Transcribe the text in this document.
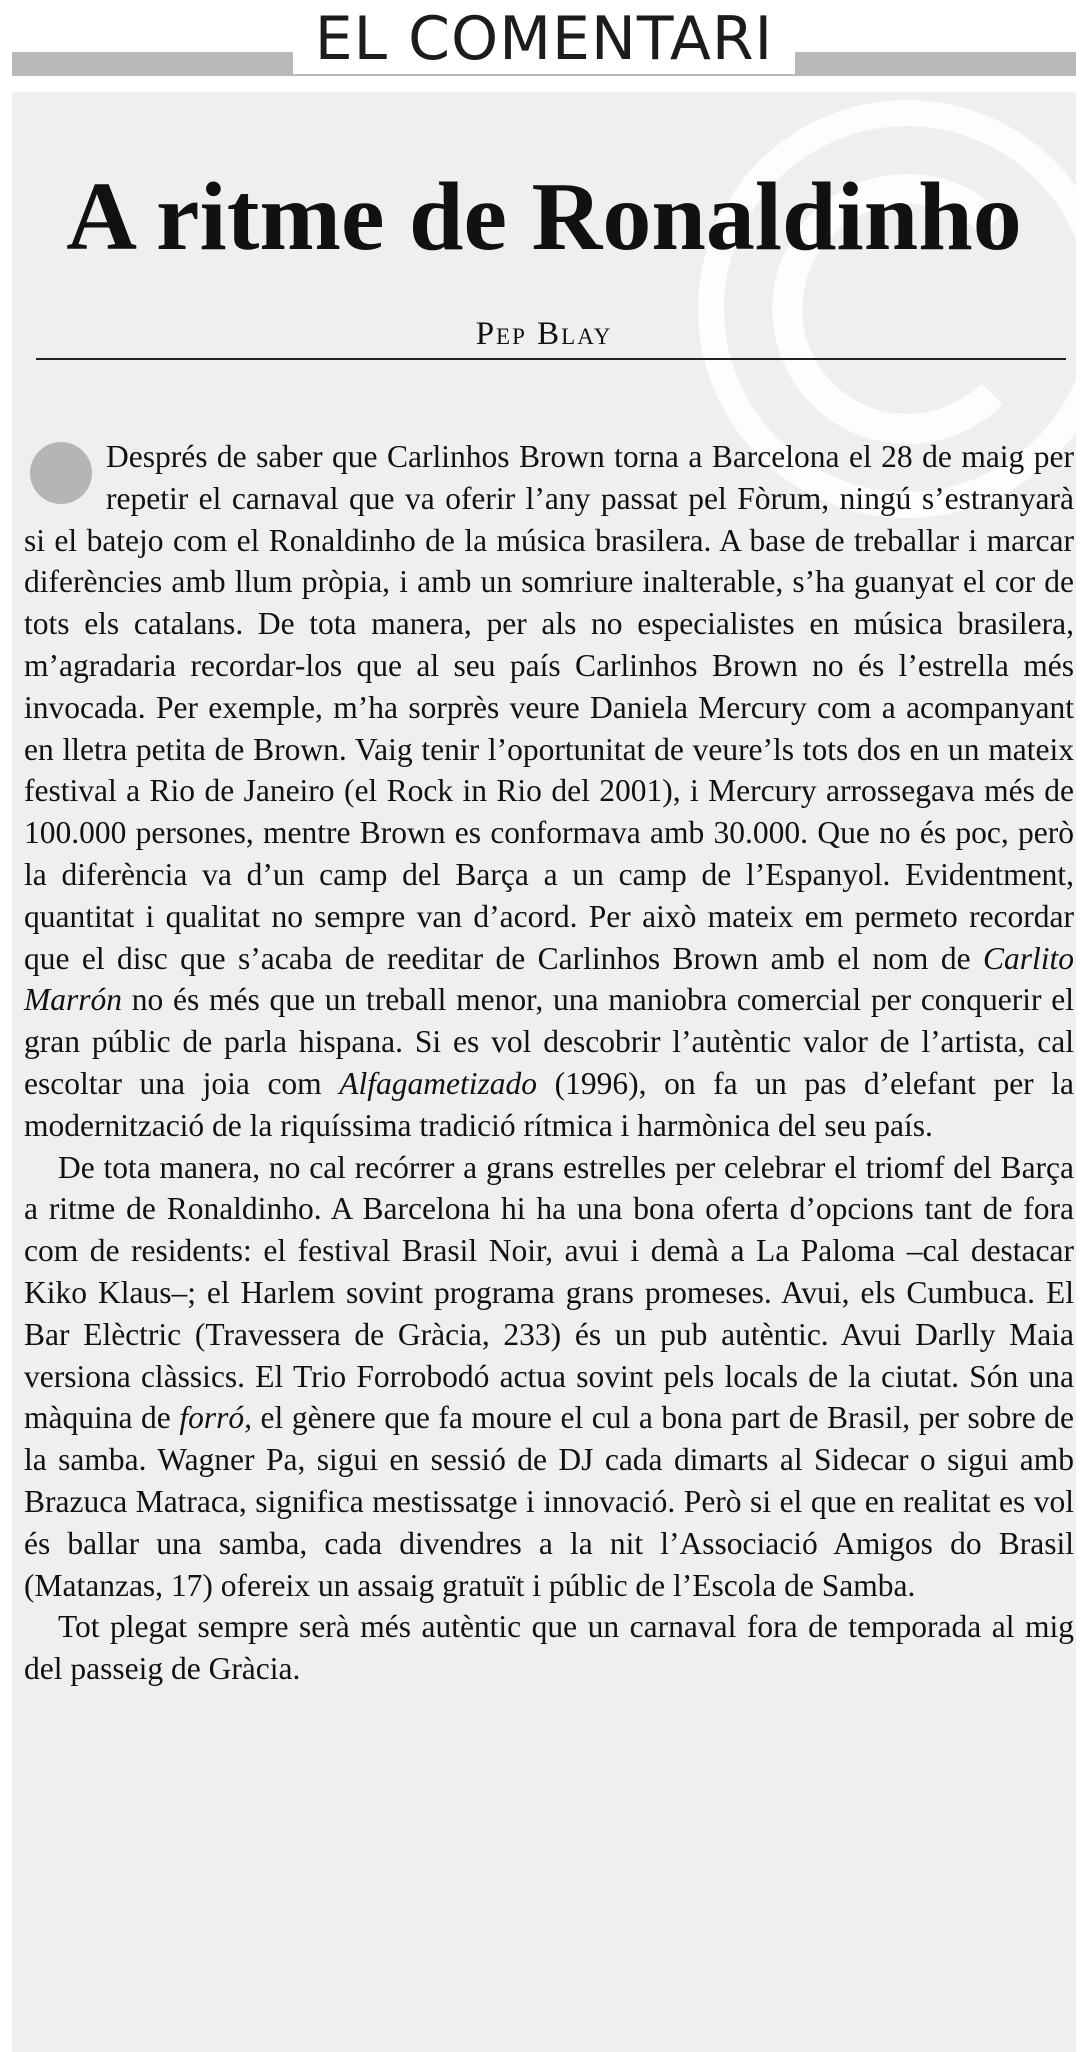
EL COMENTARI
A ritme de Ronaldinho
Pep Blay

Després de saber que Carlinhos Brown torna a Barcelona el 28 de maig per repetir el carnaval que va oferir l’any passat pel Fòrum, ningú s’estranyarà si el batejo com el Ronaldinho de la música brasilera. A base de treballar i marcar diferències amb llum pròpia, i amb un somriure inalterable, s’ha guanyat el cor de tots els catalans. De tota manera, per als no especialistes en música brasilera, m’agradaria recordar-los que al seu país Carlinhos Brown no és l’estrella més invocada. Per exemple, m’ha sorprès veure Daniela Mercury com a acompanyant en lletra petita de Brown. Vaig tenir l’oportunitat de veure’ls tots dos en un mateix festival a Rio de Janeiro (el Rock in Rio del 2001), i Mercury arrossegava més de 100.000 persones, mentre Brown es conformava amb 30.000. Que no és poc, però la diferència va d’un camp del Barça a un camp de l’Espanyol. Evidentment, quantitat i qualitat no sempre van d’acord. Per això mateix em permeto recordar que el disc que s’acaba de reeditar de Carlinhos Brown amb el nom de Carlito Marrón no és més que un treball menor, una maniobra comercial per conquerir el gran públic de parla hispana. Si es vol descobrir l’autèntic valor de l’artista, cal escoltar una joia com Alfagametizado (1996), on fa un pas d’elefant per la modernització de la riquíssima tradició rítmica i harmònica del seu país.

De tota manera, no cal recórrer a grans estrelles per celebrar el triomf del Barça a ritme de Ronaldinho. A Barcelona hi ha una bona oferta d’opcions tant de fora com de residents: el festival Brasil Noir, avui i demà a La Paloma –cal destacar Kiko Klaus–; el Harlem sovint programa grans promeses. Avui, els Cumbuca. El Bar Elèctric (Travessera de Gràcia, 233) és un pub autèntic. Avui Darlly Maia versiona clàssics. El Trio Forrobodó actua sovint pels locals de la ciutat. Són una màquina de forró, el gènere que fa moure el cul a bona part de Brasil, per sobre de la samba. Wagner Pa, sigui en sessió de DJ cada dimarts al Sidecar o sigui amb Brazuca Matraca, significa mestissatge i innovació. Però si el que en realitat es vol és ballar una samba, cada divendres a la nit l’Associació Amigos do Brasil (Matanzas, 17) ofereix un assaig gratuït i públic de l’Escola de Samba.

Tot plegat sempre serà més autèntic que un carnaval fora de temporada al mig del passeig de Gràcia.
